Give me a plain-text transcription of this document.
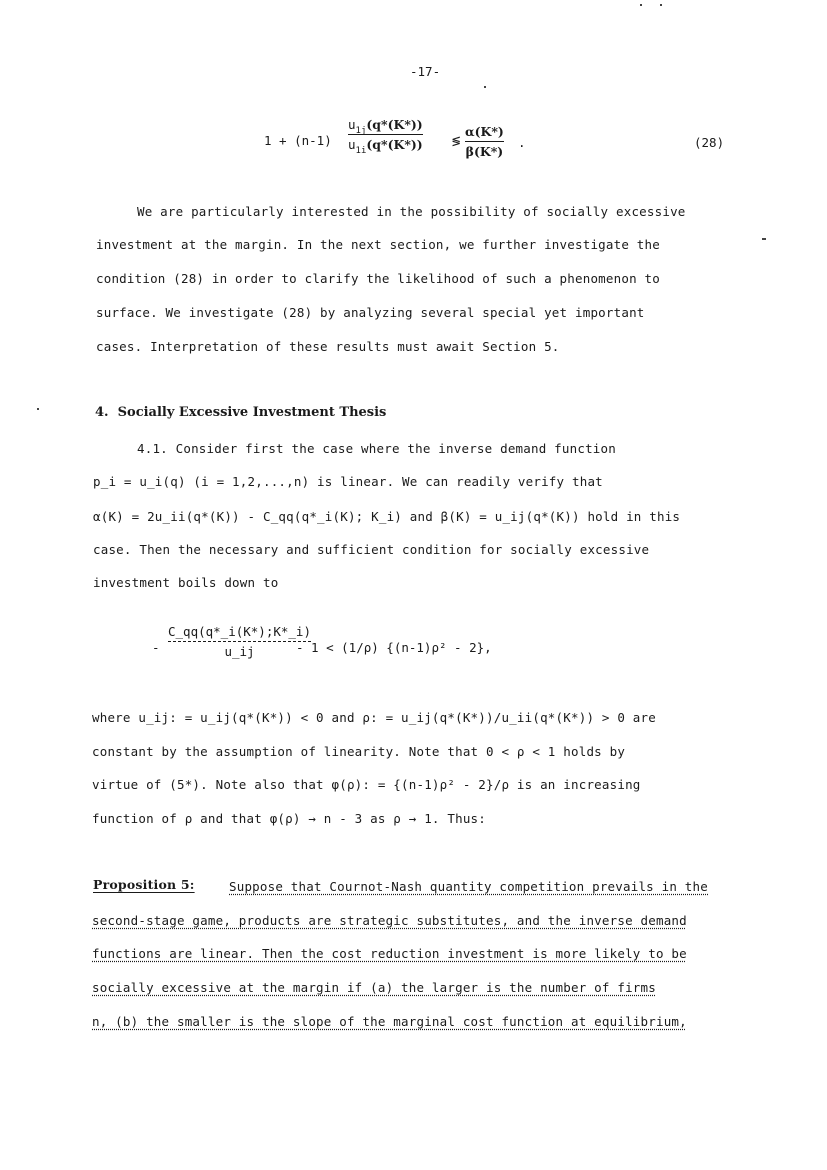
-17-
1 + (n-1)
$u_{1j}(q*(K*))$
$u_{1i}(q*(K*))$ ≶
α(K*)
β(K*)
.	(28)
We are particularly interested in the possibility of socially excessive
investment at the margin. In the next section, we further investigate the
condition (28) in order to clarify the likelihood of such a phenomenon to
surface. We investigate (28) by analyzing several special yet important
cases. Interpretation of these results must await Section 5.
4. Socially Excessive Investment Thesis
4.1. Consider first the case where the inverse demand function
p_i = u_i(q) (i = 1,2,...,n) is linear. We can readily verify that
α(K) = 2u_ii(q*(K)) - C_qq(q*_i(K); K_i) and β(K) = u_ij(q*(K)) hold in this
case. Then the necessary and sufficient condition for socially excessive
investment boils down to
-
C_qq(q*_i(K*);K*_i)
u_ij	- 1 < (1/ρ) {(n-1)ρ² - 2},
where u_ij: = u_ij(q*(K*)) < 0 and ρ: = u_ij(q*(K*))/u_ii(q*(K*)) > 0 are
constant by the assumption of linearity. Note that 0 < ρ < 1 holds by
virtue of (5*). Note also that φ(ρ): = {(n-1)ρ² - 2}/ρ is an increasing
function of ρ and that φ(ρ) → n - 3 as ρ → 1. Thus:
Proposition 5:	Suppose that Cournot-Nash quantity competition prevails in the
second-stage game, products are strategic substitutes, and the inverse demand
functions are linear. Then the cost reduction investment is more likely to be
socially excessive at the margin if (a) the larger is the number of firms
n, (b) the smaller is the slope of the marginal cost function at equilibrium,
